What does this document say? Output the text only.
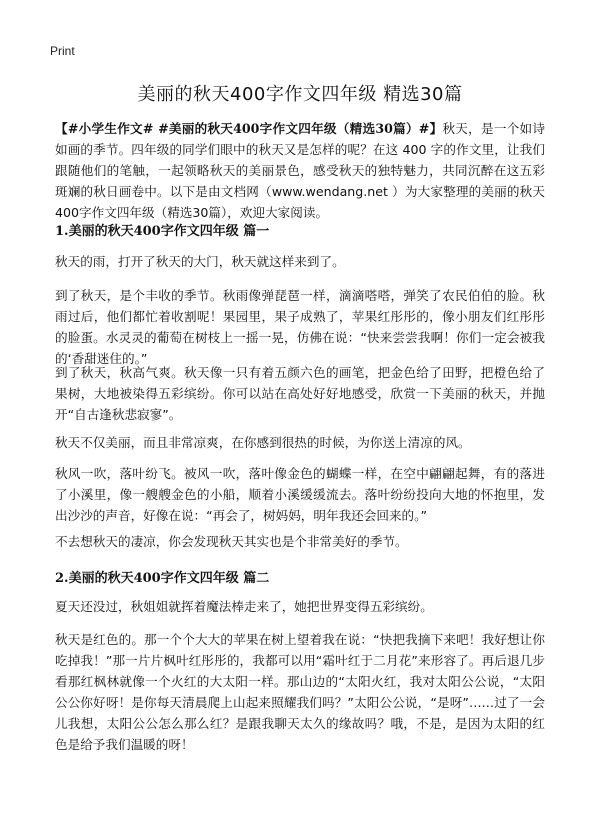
Print
美丽的秋天400字作文四年级 精选30篇

【#小学生作文# #美丽的秋天400字作文四年级（精选30篇）#】秋天，是一个如诗如画的季节。四年级的同学们眼中的秋天又是怎样的呢？在这 400 字的作文里，让我们跟随他们的笔触，一起领略秋天的美丽景色，感受秋天的独特魅力，共同沉醉在这五彩斑斓的秋日画卷中。以下是由文档网（www.wendang.net ）为大家整理的美丽的秋天400字作文四年级（精选30篇），欢迎大家阅读。

1.美丽的秋天400字作文四年级 篇一

秋天的雨，打开了秋天的大门，秋天就这样来到了。

到了秋天，是个丰收的季节。秋雨像弹琵琶一样，滴滴嗒嗒，弹笑了农民伯伯的脸。秋雨过后，他们都忙着收割呢！果园里，果子成熟了，苹果红彤彤的，像小朋友们红彤彤的脸蛋。水灵灵的葡萄在树枝上一摇一晃，仿佛在说：“快来尝尝我啊！你们一定会被我的‘香甜迷住的。”

到了秋天，秋高气爽。秋天像一只有着五颜六色的画笔，把金色给了田野，把橙色给了果树，大地被染得五彩缤纷。你可以站在高处好好地感受，欣赏一下美丽的秋天，并抛开“自古逢秋悲寂寥”。

秋天不仅美丽，而且非常凉爽，在你感到很热的时候，为你送上清凉的风。

秋风一吹，落叶纷飞。被风一吹，落叶像金色的蝴蝶一样，在空中翩翩起舞，有的落进了小溪里，像一艘艘金色的小船，顺着小溪缓缓流去。落叶纷纷投向大地的怀抱里，发出沙沙的声音，好像在说：“再会了，树妈妈，明年我还会回来的。”

不去想秋天的凄凉，你会发现秋天其实也是个非常美好的季节。

2.美丽的秋天400字作文四年级 篇二

夏天还没过，秋姐姐就挥着魔法棒走来了，她把世界变得五彩缤纷。

秋天是红色的。那一个个大大的苹果在树上望着我在说：“快把我摘下来吧！我好想让你吃掉我！”那一片片枫叶红彤彤的，我都可以用“霜叶红于二月花”来形容了。再后退几步看那红枫林就像一个火红的大太阳一样。那山边的“太阳火红，我对太阳公公说，“太阳公公你好呀！是你每天清晨爬上山起来照耀我们吗？”太阳公公说，“是呀”……过了一会儿我想，太阳公公怎么那么红？是跟我聊天太久的缘故吗？哦，不是，是因为太阳的红色是给予我们温暖的呀！
